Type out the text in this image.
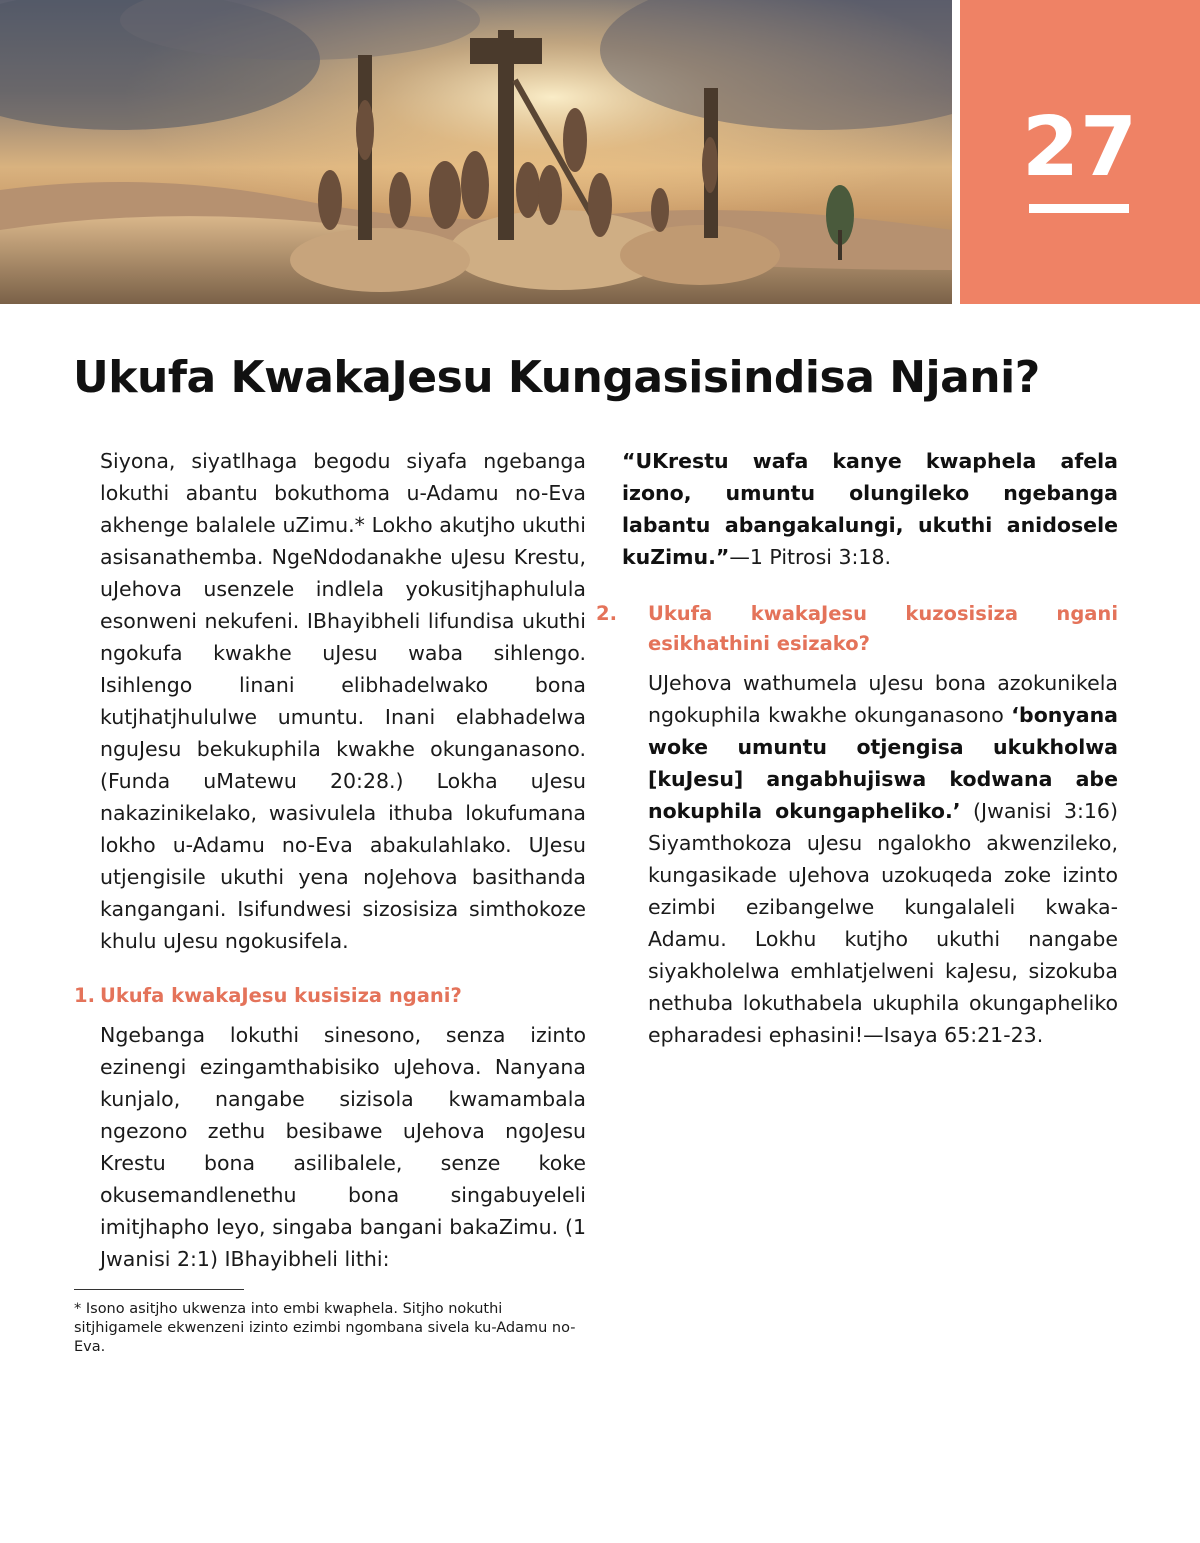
27
Ukufa KwakaJesu Kungasisindisa Njani?

Siyona, siyatlhaga begodu siyafa ngebanga lokuthi abantu bokuthoma u-Adamu no-Eva akhenge balalele uZimu.* Lokho akutjho ukuthi asisanathemba. NgeNdodanakhe uJesu Krestu, uJehova usenzele indlela yokusitjhaphulula esonweni nekufeni. IBhayibheli lifundisa ukuthi ngokufa kwakhe uJesu waba sihlengo. Isihlengo linani elibhadelwako bona kutjhatjhululwe umuntu. Inani elabhadelwa nguJesu bekukuphila kwakhe okunganasono. (Funda uMatewu 20:28.) Lokha uJesu nakazinikelako, wasivulela ithuba lokufumana lokho u-Adamu no-Eva abakulahlako. UJesu utjengisile ukuthi yena noJehova basithanda kangangani. Isifundwesi sizosisiza simthokoze khulu uJesu ngokusifela.

1. Ukufa kwakaJesu kusisiza ngani?

Ngebanga lokuthi sinesono, senza izinto ezinengi ezingamthabisiko uJehova. Nanyana kunjalo, nangabe sizisola kwamambala ngezono zethu besibawe uJehova ngoJesu Krestu bona asilibalele, senze koke okusemandlenethu bona singabuyeleli imitjhapho leyo, singaba bangani bakaZimu. (1 Jwanisi 2:1) IBhayibheli lithi:

* Isono asitjho ukwenza into embi kwaphela. Sitjho nokuthi sitjhigamele ekwenzeni izinto ezimbi ngombana sivela ku-Adamu no-Eva.

“UKrestu wafa kanye kwaphela afela izono, umuntu olungileko ngebanga labantu abangakalungi, ukuthi anidosele kuZimu.”—1 Pitrosi 3:18.

2. Ukufa kwakaJesu kuzosisiza ngani esikhathini esizako?

UJehova wathumela uJesu bona azokunikela ngokuphila kwakhe okunganasono ‘bonyana woke umuntu otjengisa ukukholwa [kuJesu] angabhujiswa kodwana abe nokuphila okungapheliko.’ (Jwanisi 3:16) Siyamthokoza uJesu ngalokho akwenzileko, kungasikade uJehova uzokuqeda zoke izinto ezimbi ezibangelwe kungalaleli kwaka-Adamu. Lokhu kutjho ukuthi nangabe siyakholelwa emhlatjelweni kaJesu, sizokuba nethuba lokuthabela ukuphila okungapheliko epharadesi ephasini!—Isaya 65:21-23.
